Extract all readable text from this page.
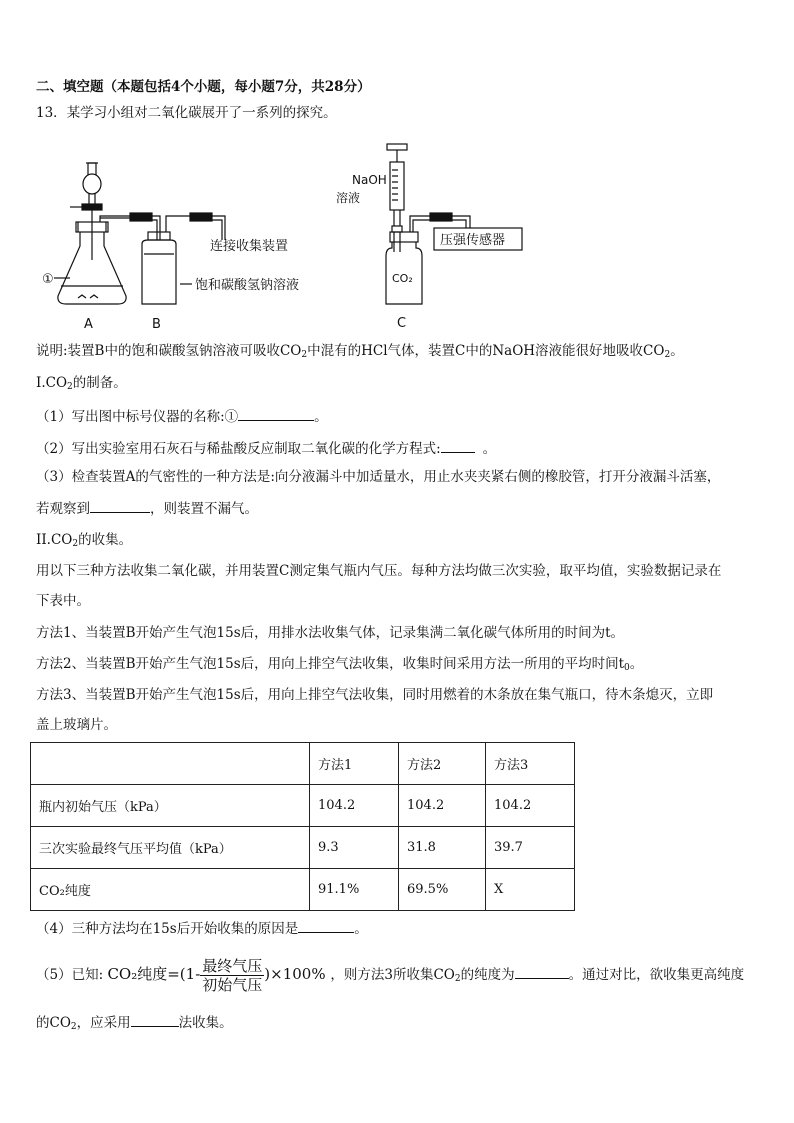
二、填空题（本题包括4个小题，每小题7分，共28分）
13．某学习小组对二氧化碳展开了一系列的探究。
①
A	B	C
连接收集装置
饱和碳酸氢钠溶液
NaOH
溶液
压强传感器
CO₂
说明:装置B中的饱和碳酸氢钠溶液可吸收$CO_2$中混有的HCl气体，装置C中的NaOH溶液能很好地吸收$CO_2$。
$I.CO_2$的制备。
（1）写出图中标号仪器的名称:①	。
（2）写出实验室用石灰石与稀盐酸反应制取二氧化碳的化学方程式:	。
（3）检查装置A的气密性的一种方法是:向分液漏斗中加适量水，用止水夹夹紧右侧的橡胶管，打开分液漏斗活塞，
若观察到	，则装置不漏气。
$II.CO_2$的收集。
用以下三种方法收集二氧化碳，并用装置C测定集气瓶内气压。每种方法均做三次实验，取平均值，实验数据记录在
下表中。
方法1、当装置B开始产生气泡15s后，用排水法收集气体，记录集满二氧化碳气体所用的时间为t。
方法2、当装置B开始产生气泡15s后，用向上排空气法收集，收集时间采用方法一所用的平均时间$t_0$。
方法3、当装置B开始产生气泡15s后，用向上排空气法收集，同时用燃着的木条放在集气瓶口，待木条熄灭，立即
盖上玻璃片。
	方法1	方法2	方法3
瓶内初始气压（kPa）	104.2	104.2	104.2
三次实验最终气压平均值（kPa）	9.3	31.8	39.7
CO₂纯度	91.1%	69.5%	X
（4）三种方法均在15s后开始收集的原因是	。
（5）已知: CO₂纯度$=(1- \frac{\text{最终气压}}{\text{初始气压}} )\times 100\%$ ，则方法3所收集$CO_2$的纯度为	。通过对比，欲收集更高纯度
的$CO_2$，应采用	法收集。
